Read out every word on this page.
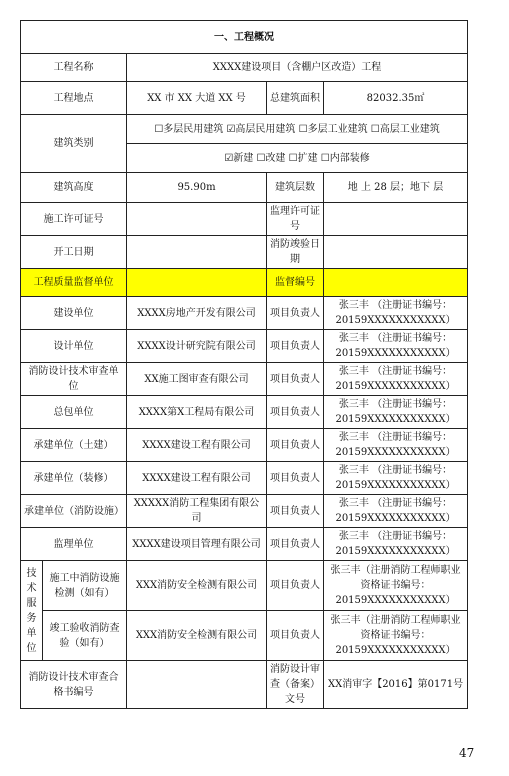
一、工程概况				
工程名称		XXXX建设项目（含棚户区改造）工程		
工程地点		XX 市 XX 大道 XX 号	总建筑面积	82032.35㎡
建筑类别		☐多层民用建筑 ☑高层民用建筑 ☐多层工业建筑 ☐高层工业建筑		
		☑新建 ☐改建 ☐扩建 ☐内部装修		
建筑高度		95.90m	建筑层数	地 上 28 层；地下 层
施工许可证号			监理许可证号	
开工日期			消防竣验日期	
工程质量监督单位			监督编号	
建设单位		XXXX房地产开发有限公司	项目负责人	张三丰 （注册证书编号：20159XXXXXXXXXXX）
设计单位		XXXX设计研究院有限公司	项目负责人	张三丰 （注册证书编号：20159XXXXXXXXXXX）
消防设计技术审查单位		XX施工图审查有限公司	项目负责人	张三丰 （注册证书编号：20159XXXXXXXXXXX）
总包单位		XXXX第X工程局有限公司	项目负责人	张三丰 （注册证书编号：20159XXXXXXXXXXX）
承建单位（土建）		XXXX建设工程有限公司	项目负责人	张三丰 （注册证书编号：20159XXXXXXXXXXX）
承建单位（装修）		XXXX建设工程有限公司	项目负责人	张三丰 （注册证书编号：20159XXXXXXXXXXX）
承建单位（消防设施）		XXXXX消防工程集团有限公司	项目负责人	张三丰 （注册证书编号：20159XXXXXXXXXXX）
监理单位		XXXX建设项目管理有限公司	项目负责人	张三丰 （注册证书编号：20159XXXXXXXXXXX）
技术服务单位	施工中消防设施检测（如有）	XXX消防安全检测有限公司	项目负责人	张三丰（注册消防工程师职业资格证书编号：20159XXXXXXXXXXX）
	竣工验收消防查验（如有）	XXX消防安全检测有限公司	项目负责人	张三丰（注册消防工程师职业资格证书编号：20159XXXXXXXXXXX）
消防设计技术审查合格书编号			消防设计审查（备案）文号	XX消审字【2016】第0171号
47
